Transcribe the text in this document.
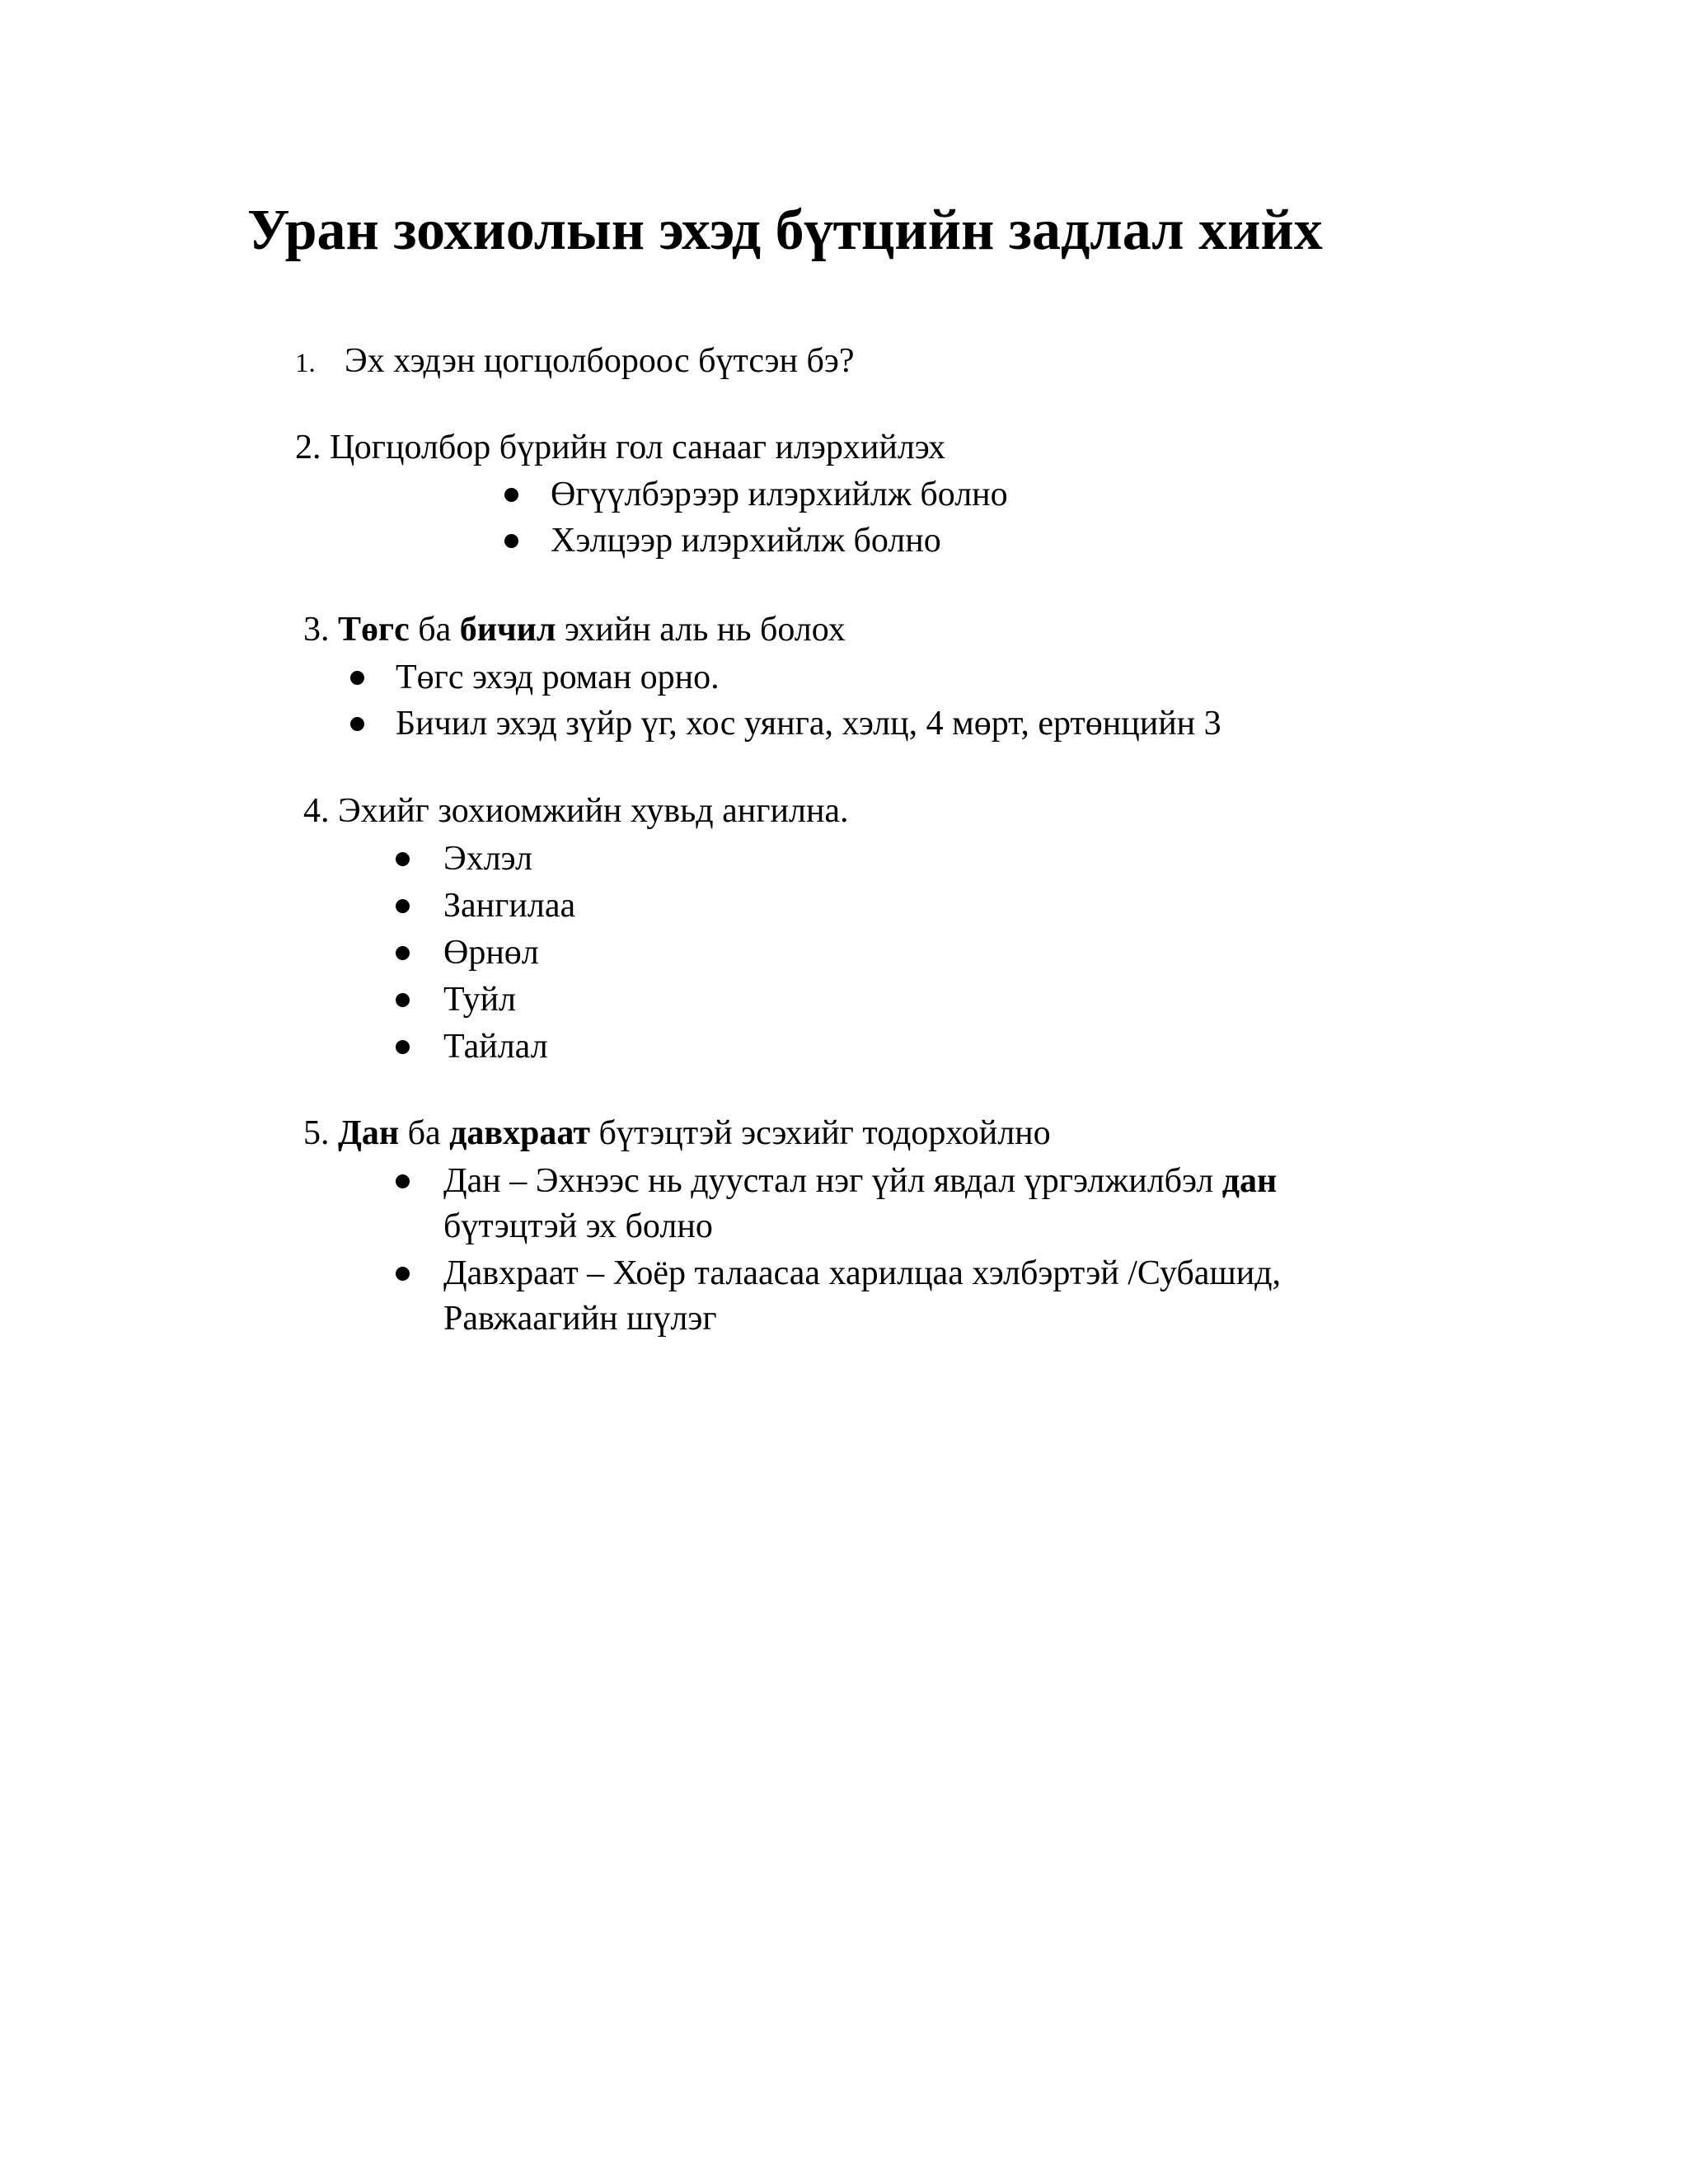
Уран зохиолын эхэд бүтцийн задлал хийх
1. Эх хэдэн цогцолбороос бүтсэн бэ?
2. Цогцолбор бүрийн гол санааг илэрхийлэх
Өгүүлбэрээр илэрхийлж болно
Хэлцээр илэрхийлж болно
3. Төгс ба бичил эхийн аль нь болох
Төгс эхэд роман орно.
Бичил эхэд зүйр үг, хос уянга, хэлц, 4 мөрт, ертөнцийн 3
4. Эхийг зохиомжийн хувьд ангилна.
Эхлэл
Зангилаа
Өрнөл
Туйл
Тайлал
5. Дан ба давхраат бүтэцтэй эсэхийг тодорхойлно
Дан – Эхнээс нь дуустал нэг үйл явдал үргэлжилбэл дан
бүтэцтэй эх болно
Давхраат – Хоёр талаасаа харилцаа хэлбэртэй /Субашид,
Равжаагийн шүлэг
